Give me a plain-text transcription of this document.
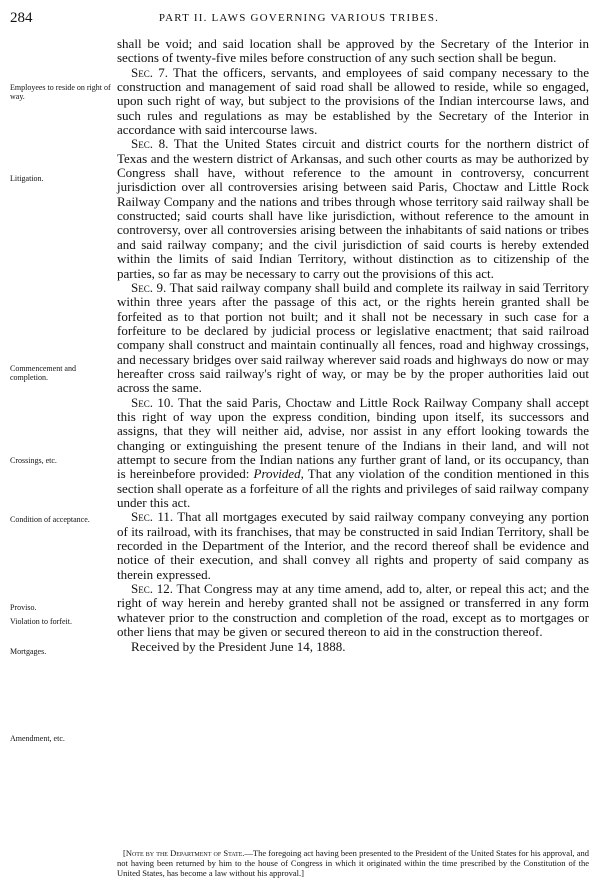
284	PART II. LAWS GOVERNING VARIOUS TRIBES.
Employees to reside on right of way.
Litigation.
Commencement and completion.
Crossings, etc.
Condition of acceptance.
Proviso.
Violation to forfeit.
Mortgages.
Amendment, etc.

shall be void; and said location shall be approved by the Secretary of the Interior in sections of twenty-five miles before construction of any such section shall be begun.

Sec. 7. That the officers, servants, and employees of said company necessary to the construction and management of said road shall be allowed to reside, while so engaged, upon such right of way, but subject to the provisions of the Indian intercourse laws, and such rules and regulations as may be established by the Secretary of the Interior in accordance with said intercourse laws.

Sec. 8. That the United States circuit and district courts for the northern district of Texas and the western district of Arkansas, and such other courts as may be authorized by Congress shall have, without reference to the amount in controversy, concurrent jurisdiction over all controversies arising between said Paris, Choctaw and Little Rock Railway Company and the nations and tribes through whose territory said railway shall be constructed; said courts shall have like jurisdiction, without reference to the amount in controversy, over all controversies arising between the inhabitants of said nations or tribes and said railway company; and the civil jurisdiction of said courts is hereby extended within the limits of said Indian Territory, without distinction as to citizenship of the parties, so far as may be necessary to carry out the provisions of this act.

Sec. 9. That said railway company shall build and complete its railway in said Territory within three years after the passage of this act, or the rights herein granted shall be forfeited as to that portion not built; and it shall not be necessary in such case for a forfeiture to be declared by judicial process or legislative enactment; that said railroad company shall construct and maintain continually all fences, road and highway crossings, and necessary bridges over said railway wherever said roads and highways do now or may hereafter cross said railway's right of way, or may be by the proper authorities laid out across the same.

Sec. 10. That the said Paris, Choctaw and Little Rock Railway Company shall accept this right of way upon the express condition, binding upon itself, its successors and assigns, that they will neither aid, advise, nor assist in any effort looking towards the changing or extinguishing the present tenure of the Indians in their land, and will not attempt to secure from the Indian nations any further grant of land, or its occupancy, than is hereinbefore provided: Provided, That any violation of the condition mentioned in this section shall operate as a forfeiture of all the rights and privileges of said railway company under this act.

Sec. 11. That all mortgages executed by said railway company conveying any portion of its railroad, with its franchises, that may be constructed in said Indian Territory, shall be recorded in the Department of the Interior, and the record thereof shall be evidence and notice of their execution, and shall convey all rights and property of said company as therein expressed.

Sec. 12. That Congress may at any time amend, add to, alter, or repeal this act; and the right of way herein and hereby granted shall not be assigned or transferred in any form whatever prior to the construction and completion of the road, except as to mortgages or other liens that may be given or secured thereon to aid in the construction thereof.

Received by the President June 14, 1888.

[Note by the Department of State.—The foregoing act having been presented to the President of the United States for his approval, and not having been returned by him to the house of Congress in which it originated within the time prescribed by the Constitution of the United States, has become a law without his approval.]
